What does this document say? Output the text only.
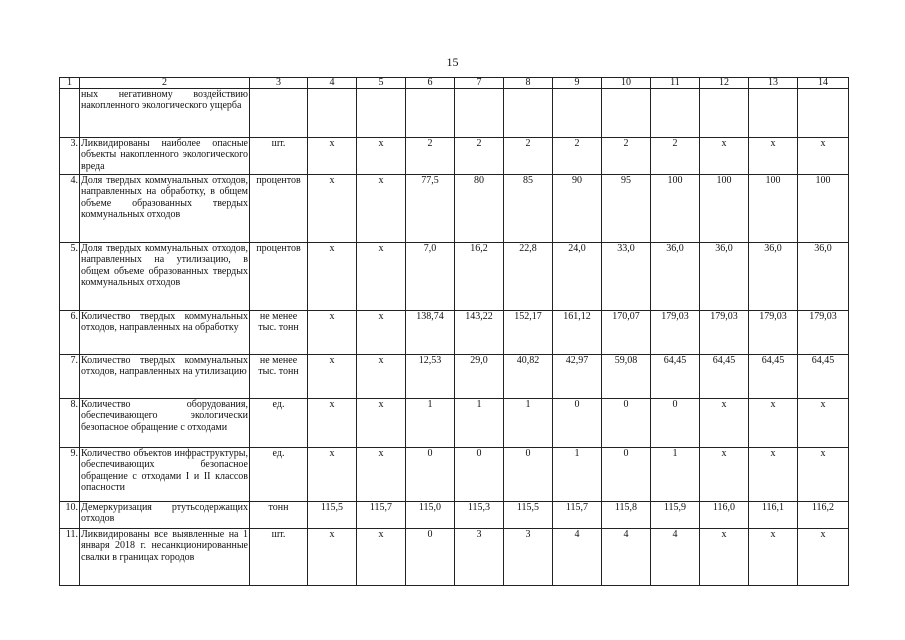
15
1	2	3	4	5	6	7	8	9	10	11	12	13	14
	ных негативному воздействию накопленного экологического ущерба												
3.	Ликвидированы наиболее опасные объекты накопленного экологического вреда	шт.	х	х	2	2	2	2	2	2	х	х	х
4.	Доля твердых коммунальных отходов, направленных на обработку, в общем объеме образованных твердых коммунальных отходов	процентов	х	х	77,5	80	85	90	95	100	100	100	100
5.	Доля твердых коммунальных отходов, направленных на утилизацию, в общем объеме образованных твердых коммунальных отходов	процентов	х	х	7,0	16,2	22,8	24,0	33,0	36,0	36,0	36,0	36,0
6.	Количество твердых коммунальных отходов, направленных на обработку	не менее тыс. тонн	х	х	138,74	143,22	152,17	161,12	170,07	179,03	179,03	179,03	179,03
7.	Количество твердых коммунальных отходов, направленных на утилизацию	не менее тыс. тонн	х	х	12,53	29,0	40,82	42,97	59,08	64,45	64,45	64,45	64,45
8.	Количество оборудования, обеспечивающего экологически безопасное обращение с отходами	ед.	х	х	1	1	1	0	0	0	х	х	х
9.	Количество объектов инфраструктуры, обеспечивающих безопасное обращение с отходами I и II классов опасности	ед.	х	х	0	0	0	1	0	1	х	х	х
10.	Демеркуризация ртутьсодержащих отходов	тонн	115,5	115,7	115,0	115,3	115,5	115,7	115,8	115,9	116,0	116,1	116,2
11.	Ликвидированы все выявленные на 1 января 2018 г. несанкционированные свалки в границах городов	шт.	х	х	0	3	3	4	4	4	х	х	х
